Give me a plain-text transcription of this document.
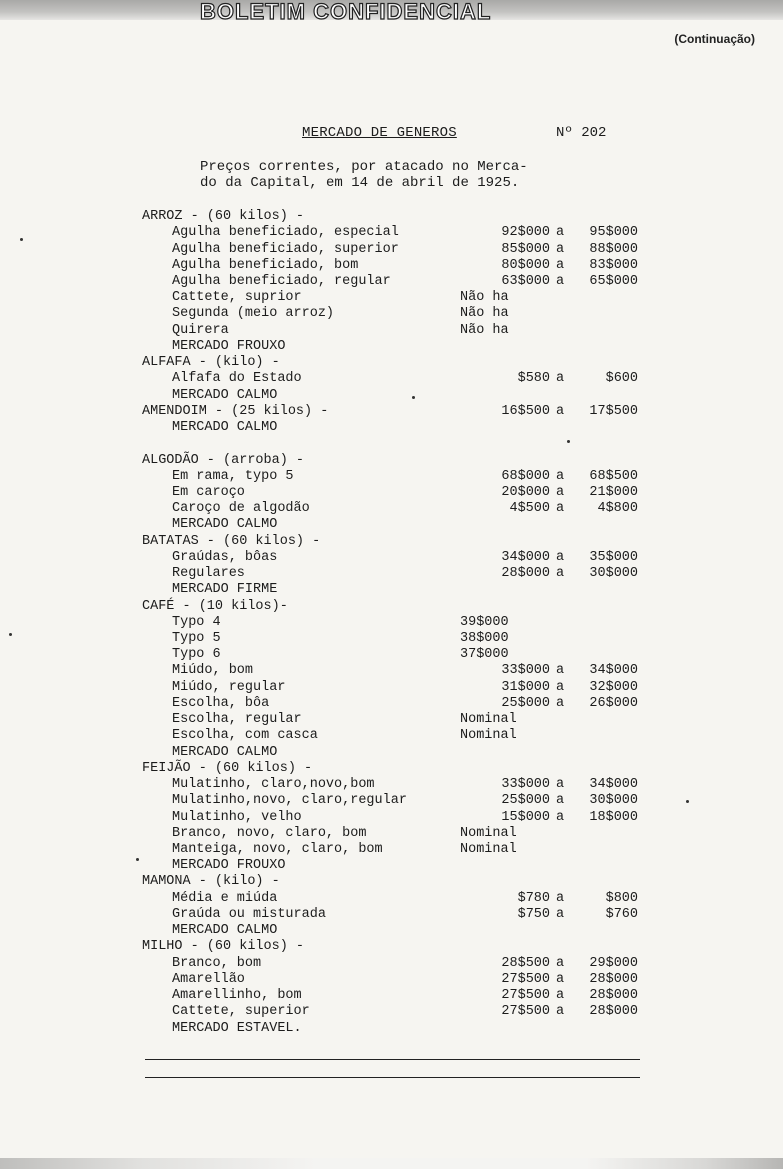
BOLETIM CONFIDENCIAL
(Continuação)
MERCADO DE GENEROS	Nº 202
Preços correntes, por atacado no Merca-
do da Capital, em 14 de abril de 1925.
ARROZ - (60 kilos) -
Agulha beneficiado, especial	92$000 a	95$000
Agulha beneficiado, superior	85$000 a	88$000
Agulha beneficiado, bom	80$000 a	83$000
Agulha beneficiado, regular	63$000 a	65$000
Cattete, suprior	Não ha
Segunda (meio arroz)	Não ha
Quirera	Não ha
MERCADO FROUXO
ALFAFA - (kilo) -
Alfafa do Estado	$580 a	$600
MERCADO CALMO
AMENDOIM - (25 kilos) -	16$500 a	17$500
MERCADO CALMO
ALGODÃO - (arroba) -
Em rama, typo 5	68$000 a	68$500
Em caroço	20$000 a	21$000
Caroço de algodão	4$500 a	4$800
MERCADO CALMO
BATATAS - (60 kilos) -
Graúdas, bôas	34$000 a	35$000
Regulares	28$000 a	30$000
MERCADO FIRME
CAFÉ - (10 kilos)-
Typo 4	39$000
Typo 5	38$000
Typo 6	37$000
Miúdo, bom	33$000 a	34$000
Miúdo, regular	31$000 a	32$000
Escolha, bôa	25$000 a	26$000
Escolha, regular	Nominal
Escolha, com casca	Nominal
MERCADO CALMO
FEIJÃO - (60 kilos) -
Mulatinho, claro,novo,bom	33$000 a	34$000
Mulatinho,novo, claro,regular	25$000 a	30$000
Mulatinho, velho	15$000 a	18$000
Branco, novo, claro, bom	Nominal
Manteiga, novo, claro, bom	Nominal
MERCADO FROUXO
MAMONA - (kilo) -
Média e miúda	$780 a	$800
Graúda ou misturada	$750 a	$760
MERCADO CALMO
MILHO - (60 kilos) -
Branco, bom	28$500 a	29$000
Amarellão	27$500 a	28$000
Amarellinho, bom	27$500 a	28$000
Cattete, superior	27$500 a	28$000
MERCADO ESTAVEL.
